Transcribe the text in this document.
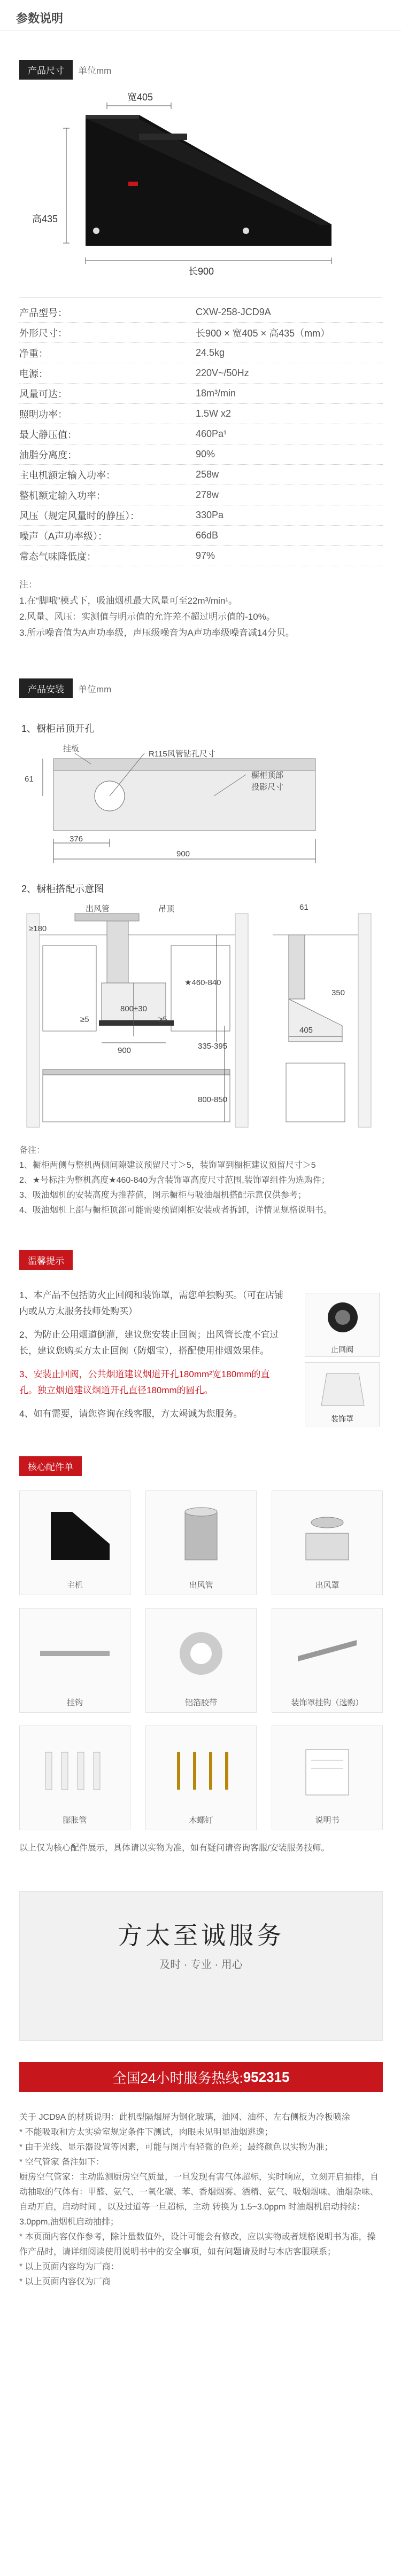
参数说明
产品尺寸	单位mm
宽405
高435
长900
产品型号：	CXW-258-JCD9A
外形尺寸：	长900 × 宽405 × 高435（mm）
净重：	24.5kg
电源：	220V~/50Hz
风量可达：	18m³/min
照明功率：	1.5W x2
最大静压值：	460Pa¹
油脂分离度：	90%
主电机额定输入功率：	258w
整机额定输入功率：	278w
风压（规定风量时的静压）：	330Pa
噪声（A声功率级）：	66dB
常态气味降低度：	97%
注：
1.在“脚哦”模式下，吸油烟机最大风量可至22m³/min¹。
2.风量、风压：实测值与明示值的允许差不超过明示值的-10%。
3.所示噪音值为A声功率级，声压级噪音为A声功率级噪音减14分贝。
产品安装	单位mm
1、橱柜吊顶开孔
挂板
R115风管钻孔尺寸
橱柜顶部
投影尺寸
61
376
900
2、橱柜搭配示意图
出风管	吊顶
≥180
★460-840
800±30
335-395
800-850
≥5	≥5
900
350
405
61
备注：
1、橱柜两侧与整机两侧间隙建议预留尺寸＞5，装饰罩到橱柜建议预留尺寸＞5
2、★号标注为整机高度★460-840为含装饰罩高度尺寸范围,装饰罩组件为选购件；
3、吸油烟机的安装高度为推荐值，图示橱柜与吸油烟机搭配示意仅供参考；
4、吸油烟机上部与橱柜顶部可能需要预留刚柜安装或者拆卸，详情见规格说明书。
温馨提示
1、本产品不包括防火止回阀和装饰罩，需您单独购买。（可在店铺内或从方太服务技师处购买）
2、为防止公用烟道倒灌，建议您安装止回阀；出风管长度不宜过长，建议您购买方太止回阀（防烟宝），搭配使用排烟效果佳。
3、安装止回阀，公共烟道建议烟道开孔180mm²宽180mm的直孔。独立烟道建议烟道开孔直径180mm的圆孔。
4、如有需要，请您咨询在线客服，方太竭诚为您服务。
止回阀
装饰罩
核心配件单
主机	出风管	出风罩
挂钩	铝箔胶带	装饰罩挂钩（选购）
膨胀管	木螺钉	说明书
以上仅为核心配件展示，具体请以实物为准，如有疑问请咨询客服/安装服务技师。
方太至诚服务
及时 · 专业 · 用心
全国24小时服务热线: 952315
关于 JCD9A 的材质说明：此机型隔烟屏为钢化玻璃，油网、油杯、左右侧板为冷板喷涂
* 不能吸取和方太实验室规定条件下测试，肉眼未见明显油烟逃逸；
* 由于光线、显示器设置等因素，可能与图片有轻微的色差；最终颜色以实物为准；
* 空气管家 备注如下：
厨房空气管家：主动监测厨房空气质量，一旦发现有害气体超标，实时响应，立刻开启抽排，自动抽取的气体有：甲醛、氨气、一氧化碳、苯、香烟烟雾、酒精、氨气、吸烟烟味、油烟杂味、自动开启，启动时间 ，以及过道等一旦超标，主动 转换为 1.5~3.0ppm 时油烟机启动持续：3.0ppm,油烟机启动抽排；
* 本页面内容仅作参考，除计量数值外，设计可能会有修改，应以实物或者规格说明书为准，操作产品时，请详细阅读使用说明书中的安全事项，如有问题请及时与本店客服联系；
* 以上页面内容均为厂商：
* 以上页面内容仅为厂商
